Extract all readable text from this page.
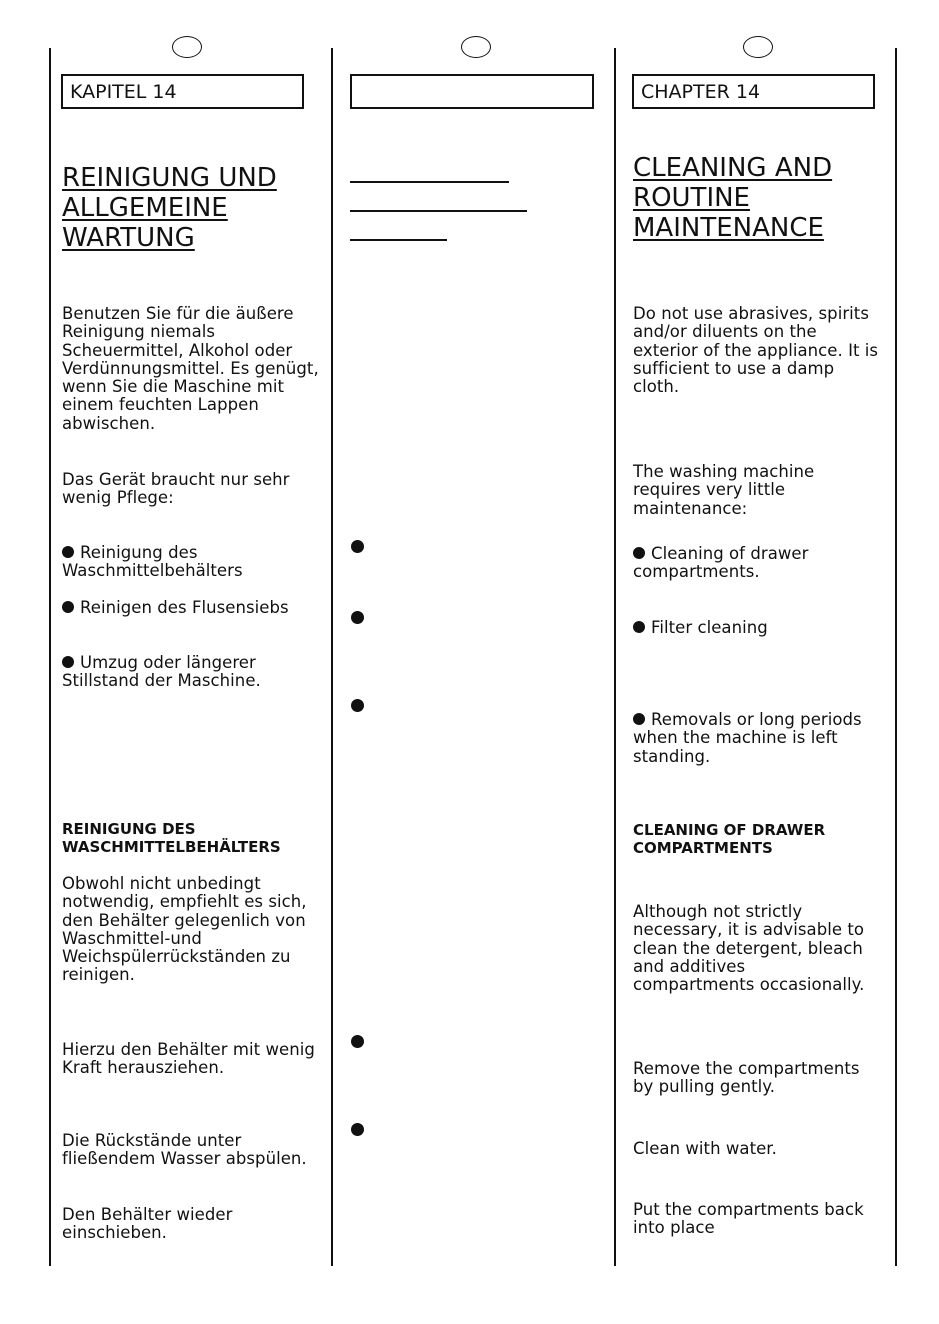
KAPITEL 14	CHAPTER 14
REINIGUNG UND
ALLGEMEINE
WARTUNG
Benutzen Sie für die äußere
Reinigung niemals
Scheuermittel, Alkohol oder
Verdünnungsmittel. Es genügt,
wenn Sie die Maschine mit
einem feuchten Lappen
abwischen.
Das Gerät braucht nur sehr
wenig Pflege:
Reinigung des
Waschmittelbehälters
Reinigen des Flusensiebs
Umzug oder längerer
Stillstand der Maschine.
REINIGUNG DES
WASCHMITTELBEHÄLTERS
Obwohl nicht unbedingt
notwendig, empfiehlt es sich,
den Behälter gelegenlich von
Waschmittel-und
Weichspülerrückständen zu
reinigen.
Hierzu den Behälter mit wenig
Kraft herausziehen.
Die Rückstände unter
fließendem Wasser abspülen.
Den Behälter wieder
einschieben.
CLEANING AND
ROUTINE
MAINTENANCE
Do not use abrasives, spirits
and/or diluents on the
exterior of the appliance. It is
sufficient to use a damp
cloth.
The washing machine
requires very little
maintenance:
Cleaning of drawer
compartments.
Filter cleaning
Removals or long periods
when the machine is left
standing.
CLEANING OF DRAWER
COMPARTMENTS
Although not strictly
necessary, it is advisable to
clean the detergent, bleach
and additives
compartments occasionally.
Remove the compartments
by pulling gently.
Clean with water.
Put the compartments back
into place
